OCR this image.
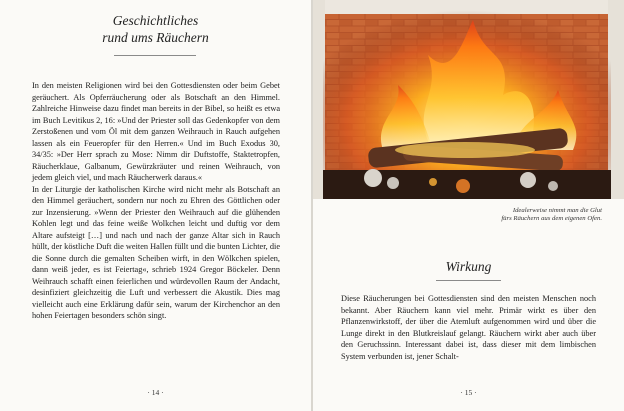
Geschichtliches
rund ums Räuchern

In den meisten Religionen wird bei den Gottesdiensten oder beim Gebet geräuchert. Als Opferräucherung oder als Botschaft an den Himmel. Zahlreiche Hinweise dazu findet man bereits in der Bibel, so heißt es etwa im Buch Levitikus 2, 16: »Und der Priester soll das Gedenkopfer von dem Zerstoßenen und vom Öl mit dem ganzen Weihrauch in Rauch aufgehen lassen als ein Feueropfer für den Herren.« Und im Buch Exodus 30, 34/35: »Der Herr sprach zu Mose: Nimm dir Duftstoffe, Staktetropfen, Räucherklaue, Galbanum, Gewürzkräuter und reinen Weihrauch, von jedem gleich viel, und mach Räucherwerk daraus.«

In der Liturgie der katholischen Kirche wird nicht mehr als Botschaft an den Himmel geräuchert, sondern nur noch zu Ehren des Göttlichen oder zur Inzensierung. »Wenn der Priester den Weihrauch auf die glühenden Kohlen legt und das feine weiße Wolkchen leicht und duftig vor dem Altare aufsteigt […] und nach und nach der ganze Altar sich in Rauch hüllt, der köstliche Duft die weiten Hallen füllt und die bunten Lichter, die die Sonne durch die gemalten Scheiben wirft, in den Wölkchen spielen, dann weiß jeder, es ist Feiertag«, schrieb 1924 Gregor Böckeler. Denn Weihrauch schafft einen feierlichen und würdevollen Raum der Andacht, desinfiziert gleichzeitig die Luft und verbessert die Akustik. Dies mag vielleicht auch eine Erklärung dafür sein, warum der Kirchenchor an den hohen Feiertagen besonders schön singt.

· 14 ·
Idealerweise nimmt man die Glut
fürs Räuchern aus dem eigenen Ofen.
Wirkung

Diese Räucherungen bei Gottesdiensten sind den meisten Menschen noch bekannt. Aber Räuchern kann viel mehr. Primär wirkt es über den Pflanzenwirkstoff, der über die Atemluft aufgenommen wird und über die Lunge direkt in den Blutkreislauf gelangt. Räuchern wirkt aber auch über den Geruchssinn. Interessant dabei ist, dass dieser mit dem limbischen System verbunden ist, jener Schalt-

· 15 ·
